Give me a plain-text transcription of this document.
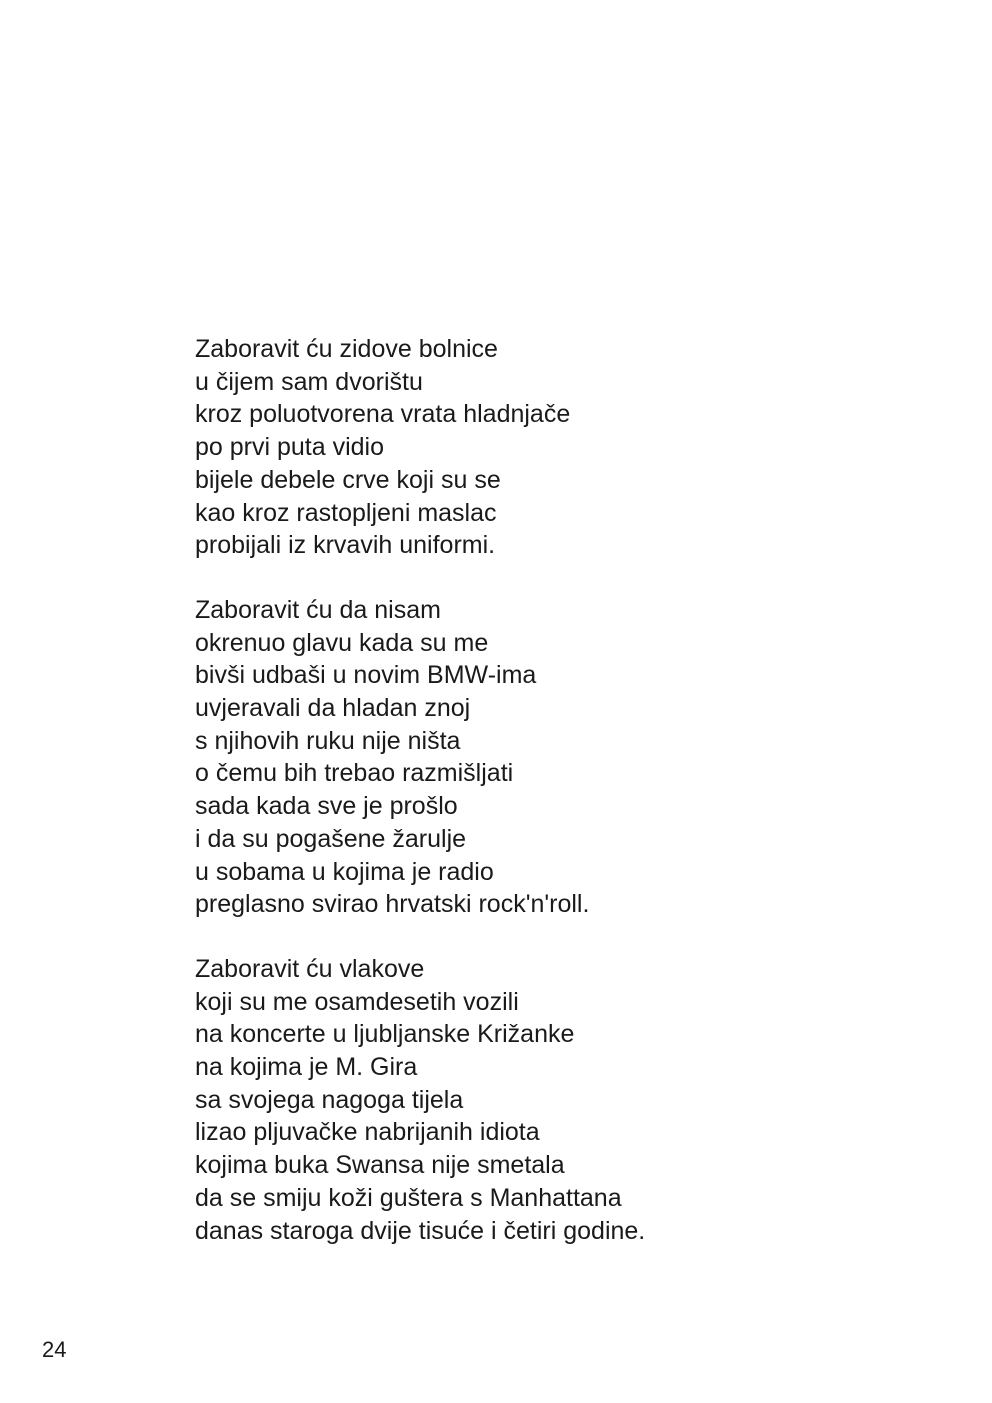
Zaboravit ću zidove bolnice
u čijem sam dvorištu
kroz poluotvorena vrata hladnjače
po prvi puta vidio
bijele debele crve koji su se
kao kroz rastopljeni maslac
probijali iz krvavih uniformi.
Zaboravit ću da nisam
okrenuo glavu kada su me
bivši udbaši u novim BMW-ima
uvjeravali da hladan znoj
s njihovih ruku nije ništa
o čemu bih trebao razmišljati
sada kada sve je prošlo
i da su pogašene žarulje
u sobama u kojima je radio
preglasno svirao hrvatski rock'n'roll.
Zaboravit ću vlakove
koji su me osamdesetih vozili
na koncerte u ljubljanske Križanke
na kojima je M. Gira
sa svojega nagoga tijela
lizao pljuvačke nabrijanih idiota
kojima buka Swansa nije smetala
da se smiju koži guštera s Manhattana
danas staroga dvije tisuće i četiri godine.
24
